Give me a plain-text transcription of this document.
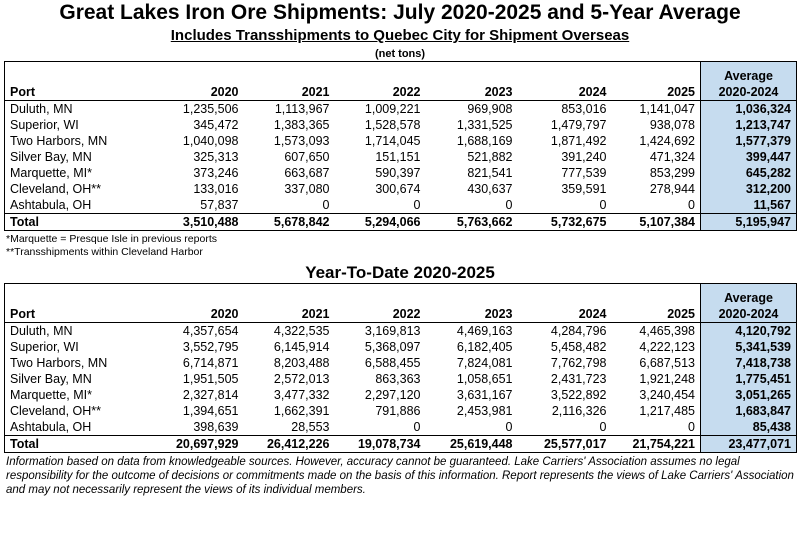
Great Lakes Iron Ore Shipments: July 2020-2025 and 5-Year Average
Includes Transshipments to Quebec City for Shipment Overseas
(net tons)
Port	2020	2021	2022	2023	2024	2025	Average
2020-2024
Duluth, MN	1,235,506	1,113,967	1,009,221	969,908	853,016	1,141,047	1,036,324
Superior, WI	345,472	1,383,365	1,528,578	1,331,525	1,479,797	938,078	1,213,747
Two Harbors, MN	1,040,098	1,573,093	1,714,045	1,688,169	1,871,492	1,424,692	1,577,379
Silver Bay, MN	325,313	607,650	151,151	521,882	391,240	471,324	399,447
Marquette, MI*	373,246	663,687	590,397	821,541	777,539	853,299	645,282
Cleveland, OH**	133,016	337,080	300,674	430,637	359,591	278,944	312,200
Ashtabula, OH	57,837	0	0	0	0	0	11,567
Total	3,510,488	5,678,842	5,294,066	5,763,662	5,732,675	5,107,384	5,195,947
*Marquette = Presque Isle in previous reports
**Transshipments within Cleveland Harbor
Year-To-Date 2020-2025
Port	2020	2021	2022	2023	2024	2025	Average
2020-2024
Duluth, MN	4,357,654	4,322,535	3,169,813	4,469,163	4,284,796	4,465,398	4,120,792
Superior, WI	3,552,795	6,145,914	5,368,097	6,182,405	5,458,482	4,222,123	5,341,539
Two Harbors, MN	6,714,871	8,203,488	6,588,455	7,824,081	7,762,798	6,687,513	7,418,738
Silver Bay, MN	1,951,505	2,572,013	863,363	1,058,651	2,431,723	1,921,248	1,775,451
Marquette, MI*	2,327,814	3,477,332	2,297,120	3,631,167	3,522,892	3,240,454	3,051,265
Cleveland, OH**	1,394,651	1,662,391	791,886	2,453,981	2,116,326	1,217,485	1,683,847
Ashtabula, OH	398,639	28,553	0	0	0	0	85,438
Total	20,697,929	26,412,226	19,078,734	25,619,448	25,577,017	21,754,221	23,477,071
Information based on data from knowledgeable sources. However, accuracy cannot be guaranteed. Lake Carriers' Association assumes no legal responsibility for the outcome of decisions or commitments made on the basis of this information. Report represents the views of Lake Carriers' Association and may not necessarily represent the views of its individual members.
